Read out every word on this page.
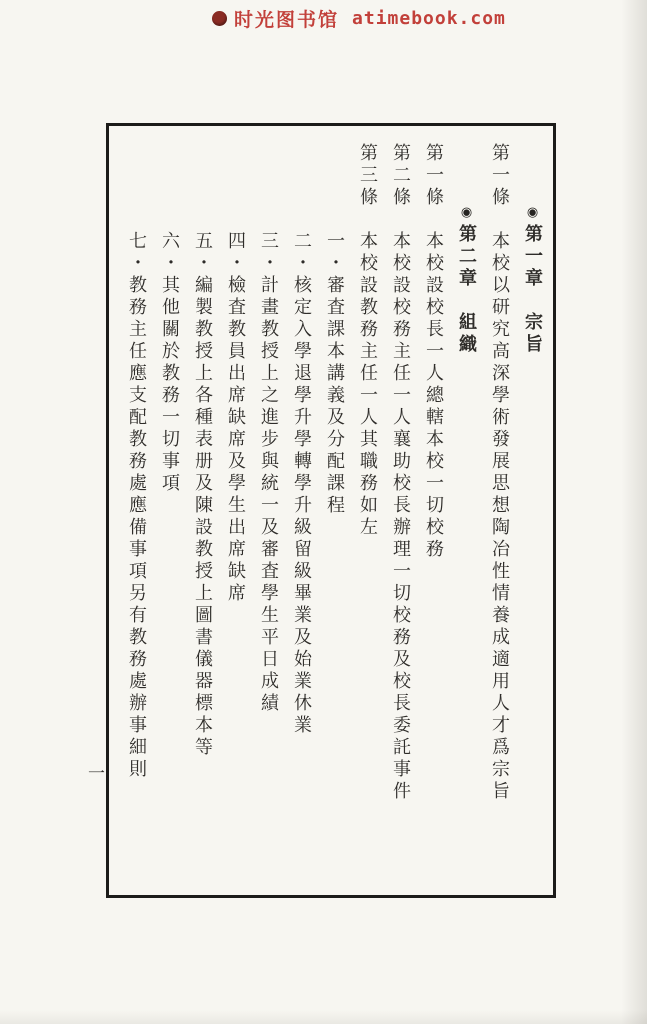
时光图书馆 atimebook.com
◉第一章　宗旨
第一條　本校以研究高深學術發展思想陶冶性情養成適用人才爲宗旨
◉第二章　組織
第一條　本校設校長一人總轄本校一切校務
第二條　本校設校務主任一人襄助校長辦理一切校務及校長委託事件
第三條　本校設教務主任一人其職務如左
一・審査課本講義及分配課程
二・核定入學退學升學轉學升級留級畢業及始業休業
三・計畫教授上之進步與統一及審査學生平日成績
四・檢査教員出席缺席及學生出席缺席
五・編製教授上各種表册及陳設教授上圖書儀器標本等
六・其他關於教務一切事項
七・教務主任應支配教務處應備事項另有教務處辦事細則
一
